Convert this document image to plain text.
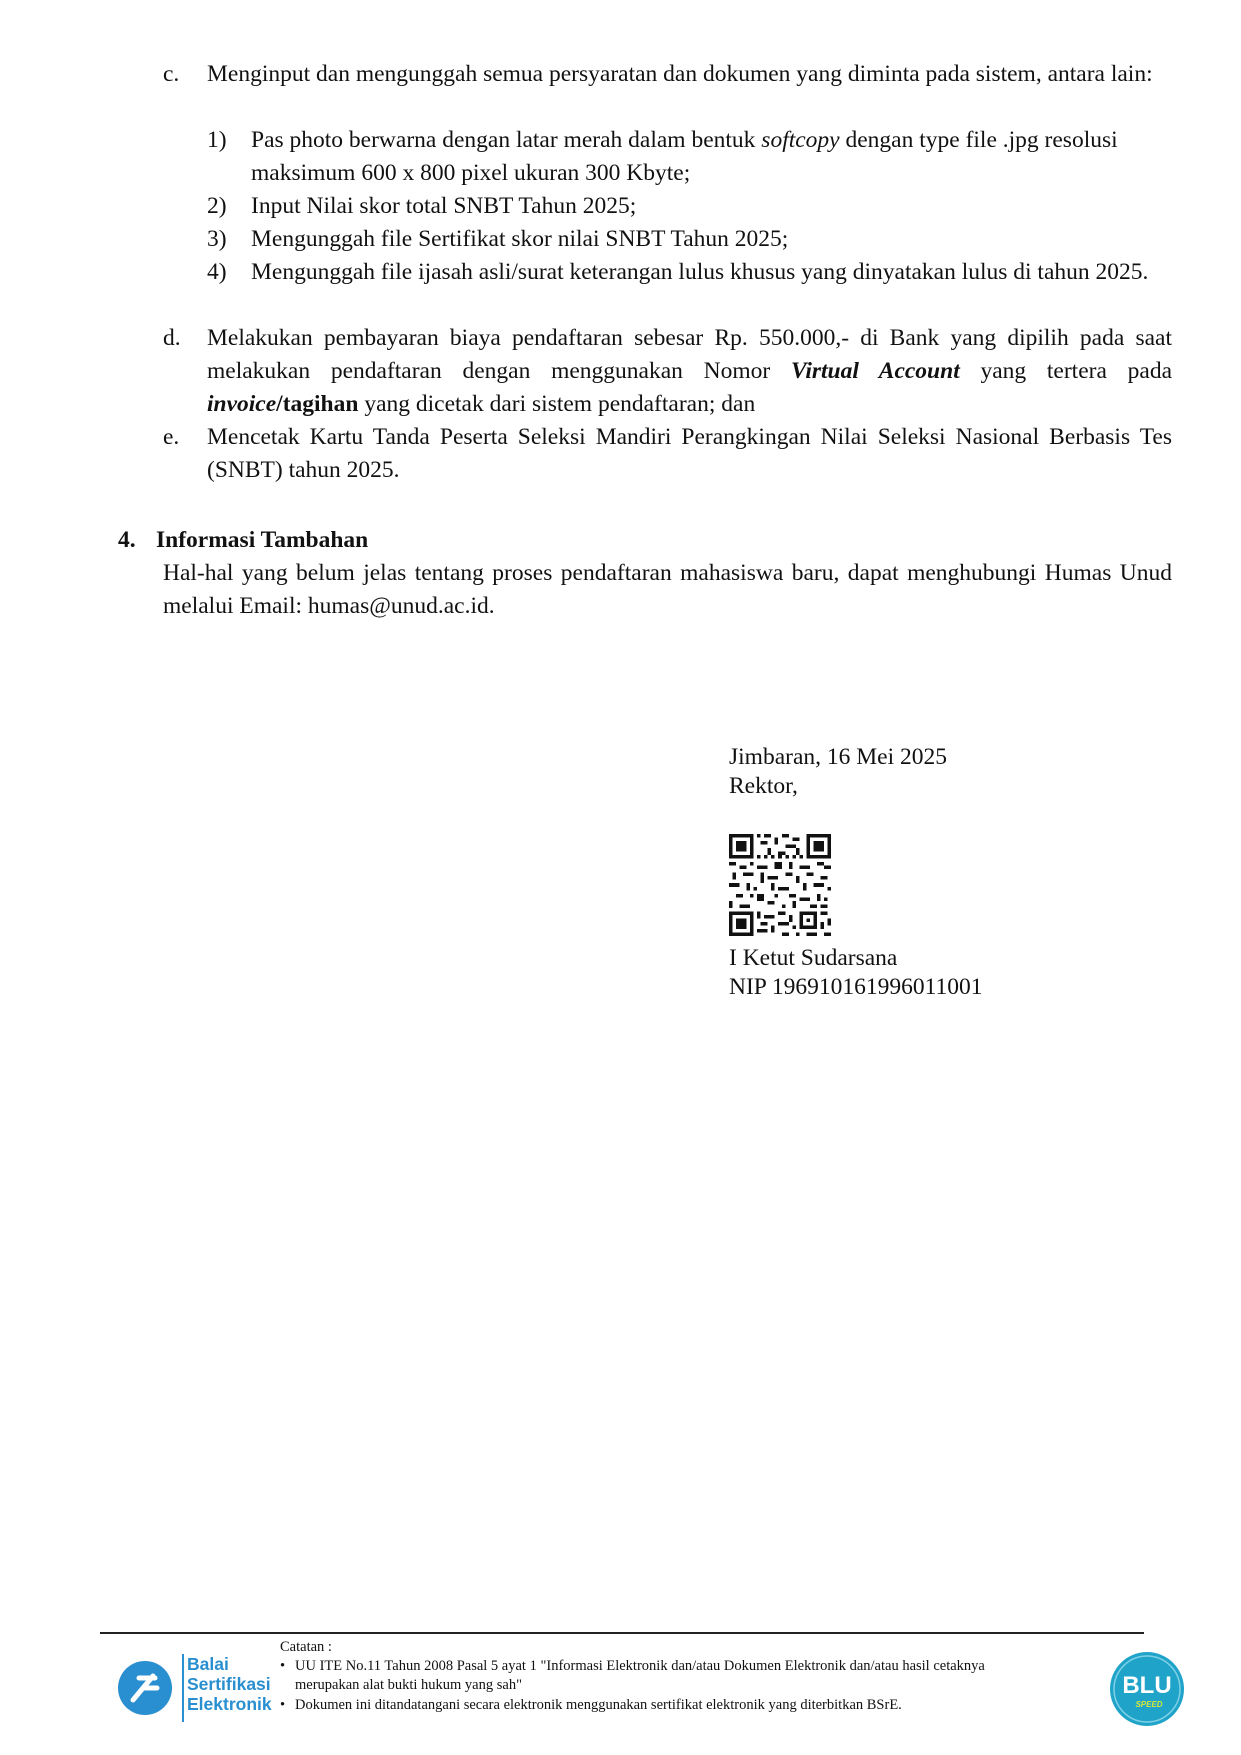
c. Menginput dan mengunggah semua persyaratan dan dokumen yang diminta pada sistem, antara lain:
1) Pas photo berwarna dengan latar merah dalam bentuk softcopy dengan type file .jpg resolusi maksimum 600 x 800 pixel ukuran 300 Kbyte;
2) Input Nilai skor total SNBT Tahun 2025;
3) Mengunggah file Sertifikat skor nilai SNBT Tahun 2025;
4) Mengunggah file ijasah asli/surat keterangan lulus khusus yang dinyatakan lulus di tahun 2025.
d. Melakukan pembayaran biaya pendaftaran sebesar Rp. 550.000,- di Bank yang dipilih pada saat melakukan pendaftaran dengan menggunakan Nomor Virtual Account yang tertera pada invoice/tagihan yang dicetak dari sistem pendaftaran; dan
e. Mencetak Kartu Tanda Peserta Seleksi Mandiri Perangkingan Nilai Seleksi Nasional Berbasis Tes (SNBT) tahun 2025.
4. Informasi Tambahan
Hal-hal yang belum jelas tentang proses pendaftaran mahasiswa baru, dapat menghubungi Humas Unud melalui Email: humas@unud.ac.id.
Jimbaran, 16 Mei 2025
Rektor,
I Ketut Sudarsana
NIP 196910161996011001
Balai
Sertifikasi
Elektronik
Catatan :
• UU ITE No.11 Tahun 2008 Pasal 5 ayat 1 "Informasi Elektronik dan/atau Dokumen Elektronik dan/atau hasil cetaknya
merupakan alat bukti hukum yang sah"
• Dokumen ini ditandatangani secara elektronik menggunakan sertifikat elektronik yang diterbitkan BSrE.
BLU
SPEED
